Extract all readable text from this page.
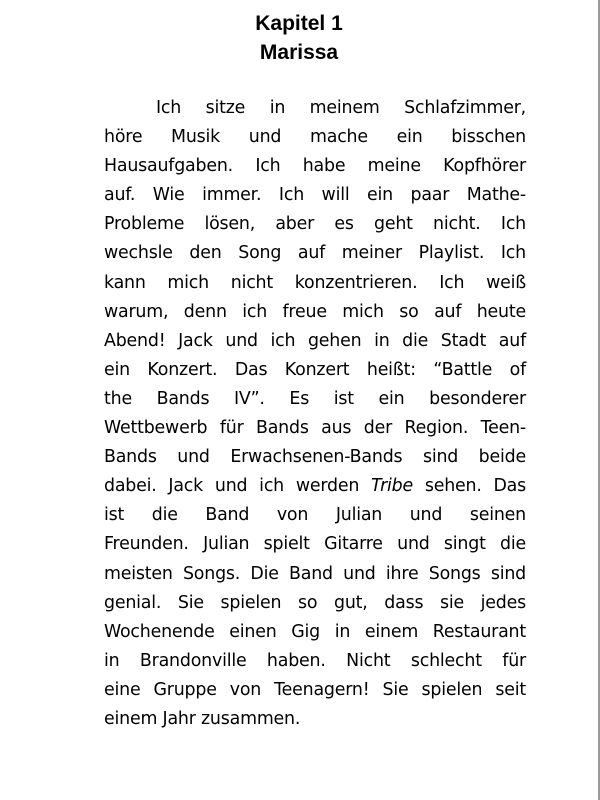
Kapitel 1
Marissa
Ich sitze in meinem Schlafzimmer,
höre Musik und mache ein bisschen
Hausaufgaben. Ich habe meine Kopfhörer
auf. Wie immer. Ich will ein paar Mathe-
Probleme lösen, aber es geht nicht. Ich
wechsle den Song auf meiner Playlist. Ich
kann mich nicht konzentrieren. Ich weiß
warum, denn ich freue mich so auf heute
Abend! Jack und ich gehen in die Stadt auf
ein Konzert. Das Konzert heißt: “Battle of
the Bands IV”. Es ist ein besonderer
Wettbewerb für Bands aus der Region. Teen-
Bands und Erwachsenen-Bands sind beide
dabei. Jack und ich werden Tribe sehen. Das
ist die Band von Julian und seinen
Freunden. Julian spielt Gitarre und singt die
meisten Songs. Die Band und ihre Songs sind
genial. Sie spielen so gut, dass sie jedes
Wochenende einen Gig in einem Restaurant
in Brandonville haben. Nicht schlecht für
eine Gruppe von Teenagern! Sie spielen seit
einem Jahr zusammen.
